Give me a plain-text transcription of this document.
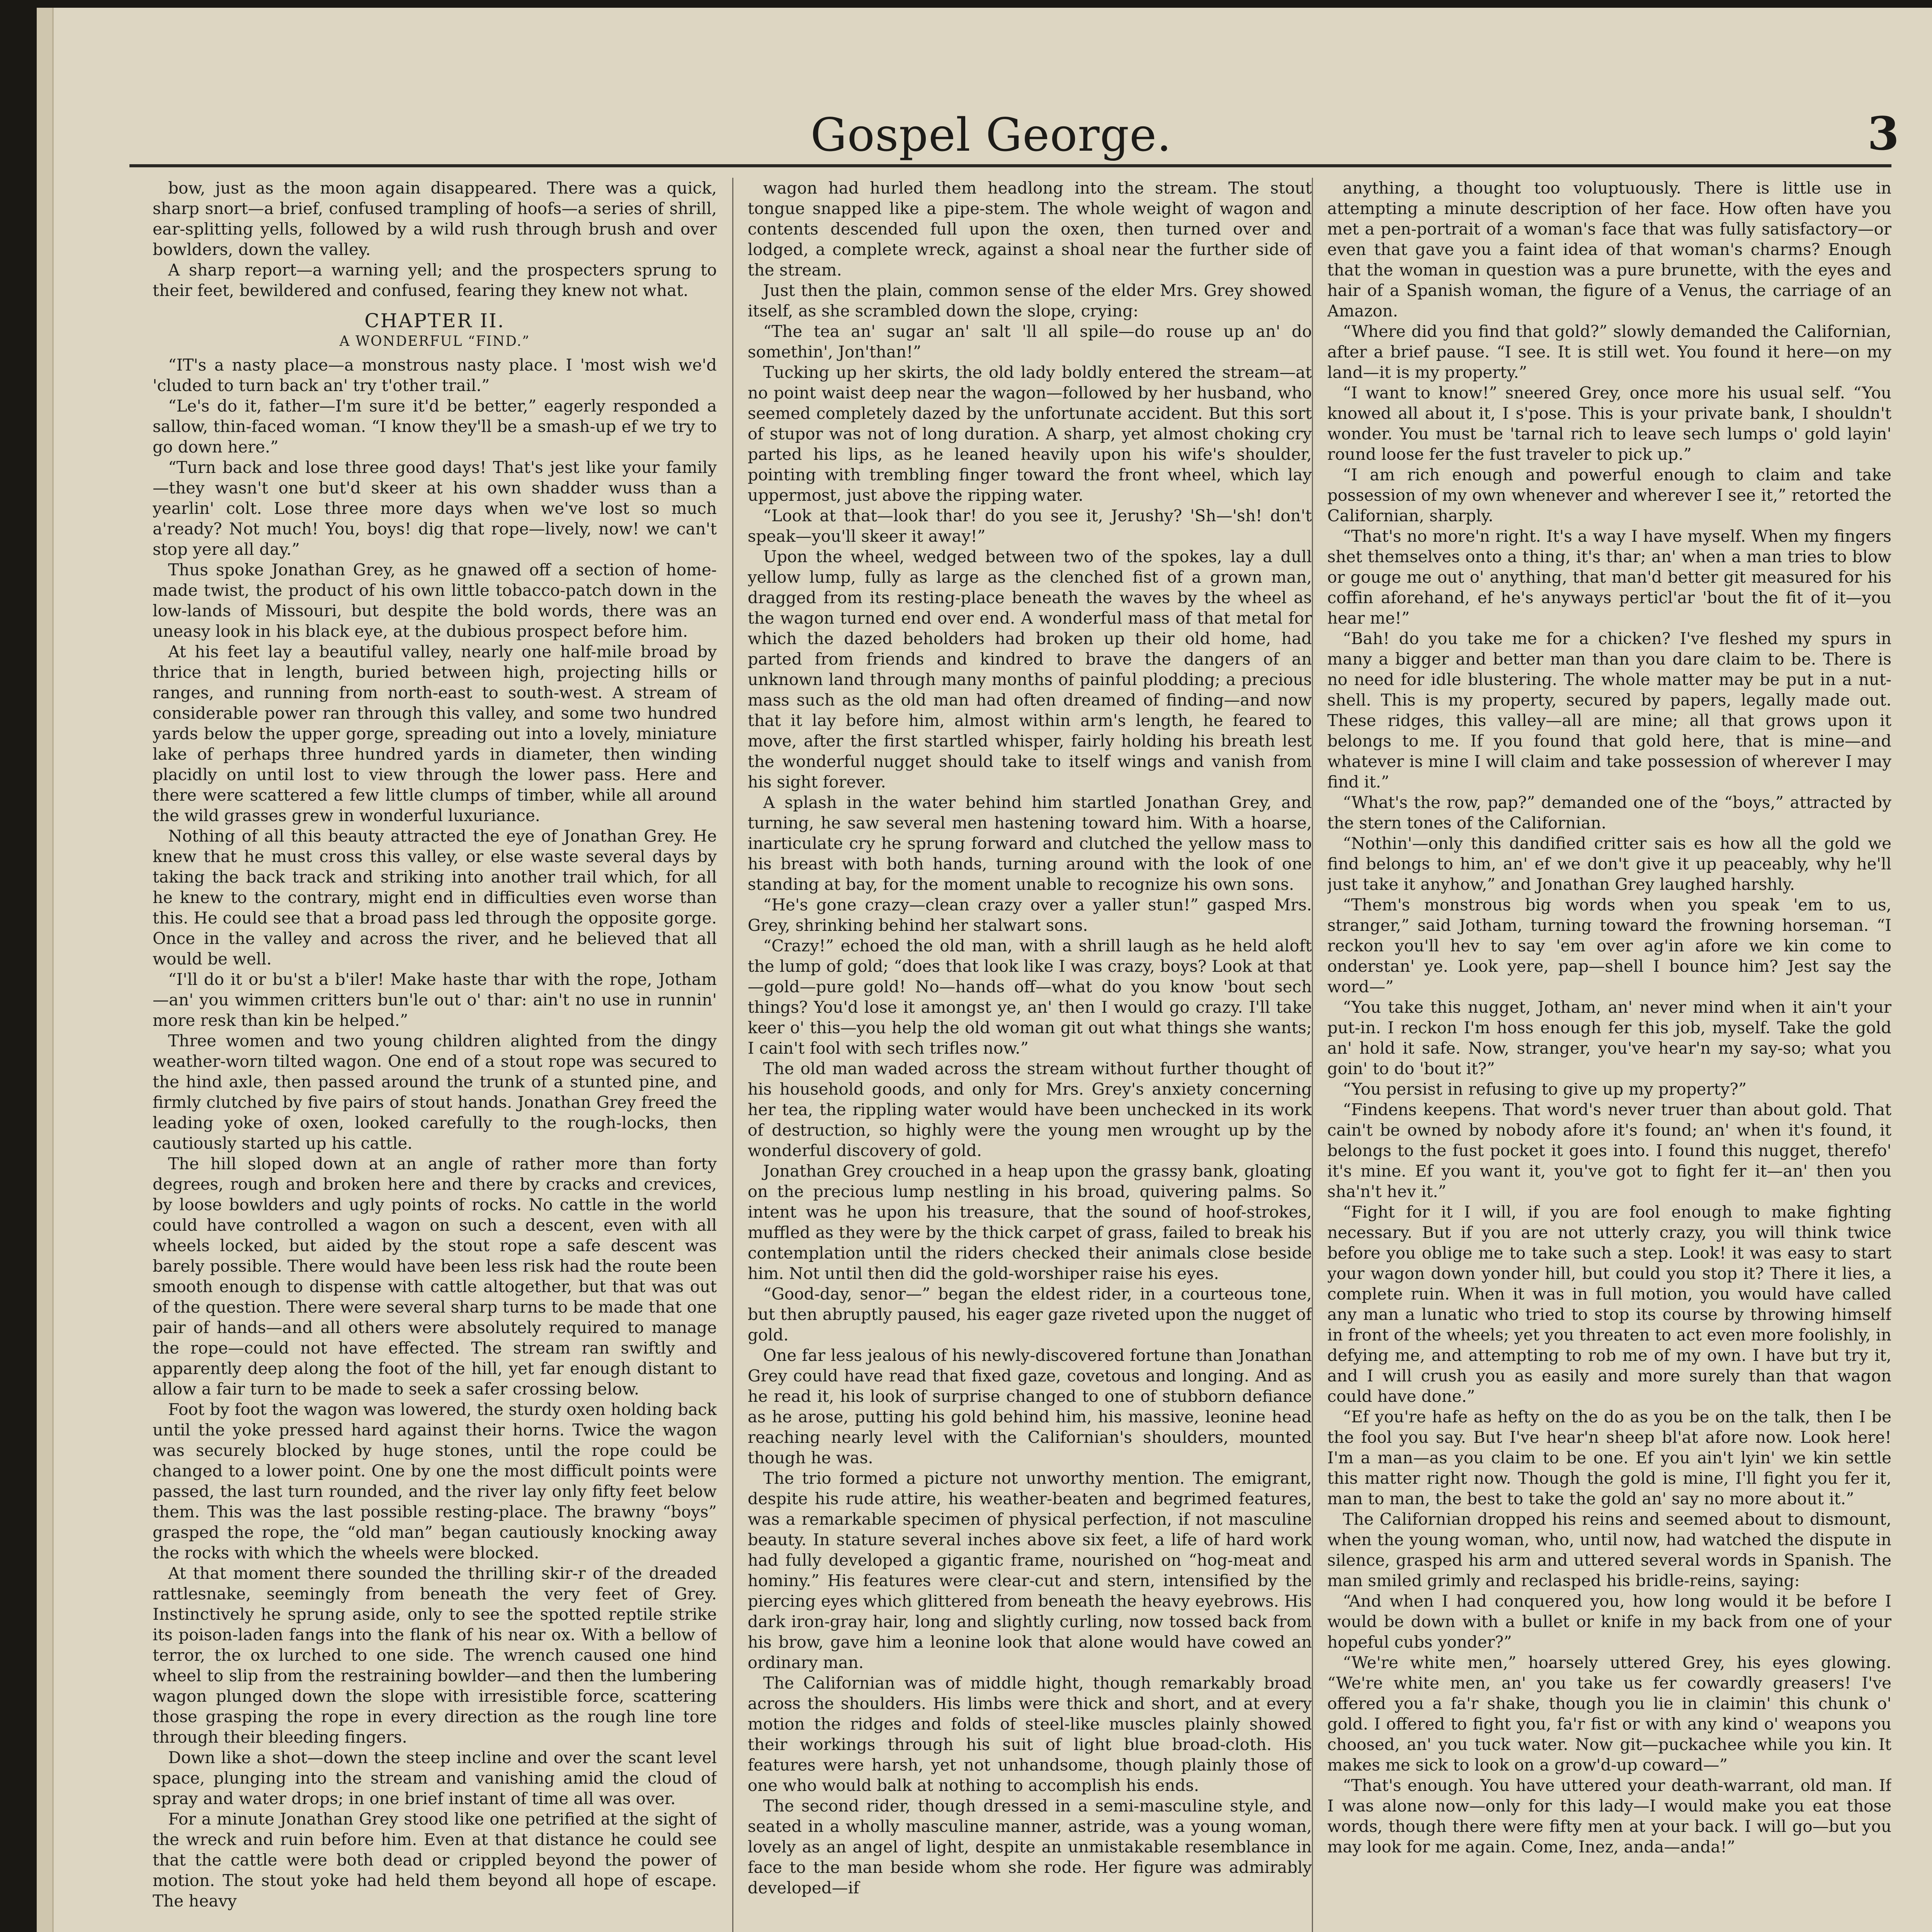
Gospel George.	3

bow, just as the moon again disappeared. There was a quick, sharp snort—a brief, confused trampling of hoofs—a series of shrill, ear-splitting yells, followed by a wild rush through brush and over bowlders, down the valley.

A sharp report—a warning yell; and the prospecters sprung to their feet, bewildered and confused, fearing they knew not what.

CHAPTER II.
A WONDERFUL “FIND.”

“IT's a nasty place—a monstrous nasty place. I 'most wish we'd 'cluded to turn back an' try t'other trail.”

“Le's do it, father—I'm sure it'd be better,” eagerly responded a sallow, thin-faced woman. “I know they'll be a smash-up ef we try to go down here.”

“Turn back and lose three good days! That's jest like your family—they wasn't one but'd skeer at his own shadder wuss than a yearlin' colt. Lose three more days when we've lost so much a'ready? Not much! You, boys! dig that rope—lively, now! we can't stop yere all day.”

Thus spoke Jonathan Grey, as he gnawed off a section of home-made twist, the product of his own little tobacco-patch down in the low-lands of Missouri, but despite the bold words, there was an uneasy look in his black eye, at the dubious prospect before him.

At his feet lay a beautiful valley, nearly one half-mile broad by thrice that in length, buried between high, projecting hills or ranges, and running from north-east to south-west. A stream of considerable power ran through this valley, and some two hundred yards below the upper gorge, spreading out into a lovely, miniature lake of perhaps three hundred yards in diameter, then winding placidly on until lost to view through the lower pass. Here and there were scattered a few little clumps of timber, while all around the wild grasses grew in wonderful luxuriance.

Nothing of all this beauty attracted the eye of Jonathan Grey. He knew that he must cross this valley, or else waste several days by taking the back track and striking into another trail which, for all he knew to the contrary, might end in difficulties even worse than this. He could see that a broad pass led through the opposite gorge. Once in the valley and across the river, and he believed that all would be well.

“I'll do it or bu'st a b'iler! Make haste thar with the rope, Jotham—an' you wimmen critters bun'le out o' thar: ain't no use in runnin' more resk than kin be helped.”

Three women and two young children alighted from the dingy weather-worn tilted wagon. One end of a stout rope was secured to the hind axle, then passed around the trunk of a stunted pine, and firmly clutched by five pairs of stout hands. Jonathan Grey freed the leading yoke of oxen, looked carefully to the rough-locks, then cautiously started up his cattle.

The hill sloped down at an angle of rather more than forty degrees, rough and broken here and there by cracks and crevices, by loose bowlders and ugly points of rocks. No cattle in the world could have controlled a wagon on such a descent, even with all wheels locked, but aided by the stout rope a safe descent was barely possible. There would have been less risk had the route been smooth enough to dispense with cattle altogether, but that was out of the question. There were several sharp turns to be made that one pair of hands—and all others were absolutely required to manage the rope—could not have effected. The stream ran swiftly and apparently deep along the foot of the hill, yet far enough distant to allow a fair turn to be made to seek a safer crossing below.

Foot by foot the wagon was lowered, the sturdy oxen holding back until the yoke pressed hard against their horns. Twice the wagon was securely blocked by huge stones, until the rope could be changed to a lower point. One by one the most difficult points were passed, the last turn rounded, and the river lay only fifty feet below them. This was the last possible resting-place. The brawny “boys” grasped the rope, the “old man” began cautiously knocking away the rocks with which the wheels were blocked.

At that moment there sounded the thrilling skir-r of the dreaded rattlesnake, seemingly from beneath the very feet of Grey. Instinctively he sprung aside, only to see the spotted reptile strike its poison-laden fangs into the flank of his near ox. With a bellow of terror, the ox lurched to one side. The wrench caused one hind wheel to slip from the restraining bowlder—and then the lumbering wagon plunged down the slope with irresistible force, scattering those grasping the rope in every direction as the rough line tore through their bleeding fingers.

Down like a shot—down the steep incline and over the scant level space, plunging into the stream and vanishing amid the cloud of spray and water drops; in one brief instant of time all was over.

For a minute Jonathan Grey stood like one petrified at the sight of the wreck and ruin before him. Even at that distance he could see that the cattle were both dead or crippled beyond the power of motion. The stout yoke had held them beyond all hope of escape. The heavy

wagon had hurled them headlong into the stream. The stout tongue snapped like a pipe-stem. The whole weight of wagon and contents descended full upon the oxen, then turned over and lodged, a complete wreck, against a shoal near the further side of the stream.

Just then the plain, common sense of the elder Mrs. Grey showed itself, as she scrambled down the slope, crying:

“The tea an' sugar an' salt 'll all spile—do rouse up an' do somethin', Jon'than!”

Tucking up her skirts, the old lady boldly entered the stream—at no point waist deep near the wagon—followed by her husband, who seemed completely dazed by the unfortunate accident. But this sort of stupor was not of long duration. A sharp, yet almost choking cry parted his lips, as he leaned heavily upon his wife's shoulder, pointing with trembling finger toward the front wheel, which lay uppermost, just above the ripping water.

“Look at that—look thar! do you see it, Jerushy? 'Sh—'sh! don't speak—you'll skeer it away!”

Upon the wheel, wedged between two of the spokes, lay a dull yellow lump, fully as large as the clenched fist of a grown man, dragged from its resting-place beneath the waves by the wheel as the wagon turned end over end. A wonderful mass of that metal for which the dazed beholders had broken up their old home, had parted from friends and kindred to brave the dangers of an unknown land through many months of painful plodding; a precious mass such as the old man had often dreamed of finding—and now that it lay before him, almost within arm's length, he feared to move, after the first startled whisper, fairly holding his breath lest the wonderful nugget should take to itself wings and vanish from his sight forever.

A splash in the water behind him startled Jonathan Grey, and turning, he saw several men hastening toward him. With a hoarse, inarticulate cry he sprung forward and clutched the yellow mass to his breast with both hands, turning around with the look of one standing at bay, for the moment unable to recognize his own sons.

“He's gone crazy—clean crazy over a yaller stun!” gasped Mrs. Grey, shrinking behind her stalwart sons.

“Crazy!” echoed the old man, with a shrill laugh as he held aloft the lump of gold; “does that look like I was crazy, boys? Look at that—gold—pure gold! No—hands off—what do you know 'bout sech things? You'd lose it amongst ye, an' then I would go crazy. I'll take keer o' this—you help the old woman git out what things she wants; I cain't fool with sech trifles now.”

The old man waded across the stream without further thought of his household goods, and only for Mrs. Grey's anxiety concerning her tea, the rippling water would have been unchecked in its work of destruction, so highly were the young men wrought up by the wonderful discovery of gold.

Jonathan Grey crouched in a heap upon the grassy bank, gloating on the precious lump nestling in his broad, quivering palms. So intent was he upon his treasure, that the sound of hoof-strokes, muffled as they were by the thick carpet of grass, failed to break his contemplation until the riders checked their animals close beside him. Not until then did the gold-worshiper raise his eyes.

“Good-day, senor—” began the eldest rider, in a courteous tone, but then abruptly paused, his eager gaze riveted upon the nugget of gold.

One far less jealous of his newly-discovered fortune than Jonathan Grey could have read that fixed gaze, covetous and longing. And as he read it, his look of surprise changed to one of stubborn defiance as he arose, putting his gold behind him, his massive, leonine head reaching nearly level with the Californian's shoulders, mounted though he was.

The trio formed a picture not unworthy mention. The emigrant, despite his rude attire, his weather-beaten and begrimed features, was a remarkable specimen of physical perfection, if not masculine beauty. In stature several inches above six feet, a life of hard work had fully developed a gigantic frame, nourished on “hog-meat and hominy.” His features were clear-cut and stern, intensified by the piercing eyes which glittered from beneath the heavy eyebrows. His dark iron-gray hair, long and slightly curling, now tossed back from his brow, gave him a leonine look that alone would have cowed an ordinary man.

The Californian was of middle hight, though remarkably broad across the shoulders. His limbs were thick and short, and at every motion the ridges and folds of steel-like muscles plainly showed their workings through his suit of light blue broad-cloth. His features were harsh, yet not unhandsome, though plainly those of one who would balk at nothing to accomplish his ends.

The second rider, though dressed in a semi-masculine style, and seated in a wholly masculine manner, astride, was a young woman, lovely as an angel of light, despite an unmistakable resemblance in face to the man beside whom she rode. Her figure was admirably developed—if

anything, a thought too voluptuously. There is little use in attempting a minute description of her face. How often have you met a pen-portrait of a woman's face that was fully satisfactory—or even that gave you a faint idea of that woman's charms? Enough that the woman in question was a pure brunette, with the eyes and hair of a Spanish woman, the figure of a Venus, the carriage of an Amazon.

“Where did you find that gold?” slowly demanded the Californian, after a brief pause. “I see. It is still wet. You found it here—on my land—it is my property.”

“I want to know!” sneered Grey, once more his usual self. “You knowed all about it, I s'pose. This is your private bank, I shouldn't wonder. You must be 'tarnal rich to leave sech lumps o' gold layin' round loose fer the fust traveler to pick up.”

“I am rich enough and powerful enough to claim and take possession of my own whenever and wherever I see it,” retorted the Californian, sharply.

“That's no more'n right. It's a way I have myself. When my fingers shet themselves onto a thing, it's thar; an' when a man tries to blow or gouge me out o' anything, that man'd better git measured for his coffin aforehand, ef he's anyways perticl'ar 'bout the fit of it—you hear me!”

“Bah! do you take me for a chicken? I've fleshed my spurs in many a bigger and better man than you dare claim to be. There is no need for idle blustering. The whole matter may be put in a nut-shell. This is my property, secured by papers, legally made out. These ridges, this valley—all are mine; all that grows upon it belongs to me. If you found that gold here, that is mine—and whatever is mine I will claim and take possession of wherever I may find it.”

“What's the row, pap?” demanded one of the “boys,” attracted by the stern tones of the Californian.

“Nothin'—only this dandified critter sais es how all the gold we find belongs to him, an' ef we don't give it up peaceably, why he'll just take it anyhow,” and Jonathan Grey laughed harshly.

“Them's monstrous big words when you speak 'em to us, stranger,” said Jotham, turning toward the frowning horseman. “I reckon you'll hev to say 'em over ag'in afore we kin come to onderstan' ye. Look yere, pap—shell I bounce him? Jest say the word—”

“You take this nugget, Jotham, an' never mind when it ain't your put-in. I reckon I'm hoss enough fer this job, myself. Take the gold an' hold it safe. Now, stranger, you've hear'n my say-so; what you goin' to do 'bout it?”

“You persist in refusing to give up my property?”

“Findens keepens. That word's never truer than about gold. That cain't be owned by nobody afore it's found; an' when it's found, it belongs to the fust pocket it goes into. I found this nugget, therefo' it's mine. Ef you want it, you've got to fight fer it—an' then you sha'n't hev it.”

“Fight for it I will, if you are fool enough to make fighting necessary. But if you are not utterly crazy, you will think twice before you oblige me to take such a step. Look! it was easy to start your wagon down yonder hill, but could you stop it? There it lies, a complete ruin. When it was in full motion, you would have called any man a lunatic who tried to stop its course by throwing himself in front of the wheels; yet you threaten to act even more foolishly, in defying me, and attempting to rob me of my own. I have but try it, and I will crush you as easily and more surely than that wagon could have done.”

“Ef you're hafe as hefty on the do as you be on the talk, then I be the fool you say. But I've hear'n sheep bl'at afore now. Look here! I'm a man—as you claim to be one. Ef you ain't lyin' we kin settle this matter right now. Though the gold is mine, I'll fight you fer it, man to man, the best to take the gold an' say no more about it.”

The Californian dropped his reins and seemed about to dismount, when the young woman, who, until now, had watched the dispute in silence, grasped his arm and uttered several words in Spanish. The man smiled grimly and reclasped his bridle-reins, saying:

“And when I had conquered you, how long would it be before I would be down with a bullet or knife in my back from one of your hopeful cubs yonder?”

“We're white men,” hoarsely uttered Grey, his eyes glowing. “We're white men, an' you take us fer cowardly greasers! I've offered you a fa'r shake, though you lie in claimin' this chunk o' gold. I offered to fight you, fa'r fist or with any kind o' weapons you choosed, an' you tuck water. Now git—puckachee while you kin. It makes me sick to look on a grow'd-up coward—”

“That's enough. You have uttered your death-warrant, old man. If I was alone now—only for this lady—I would make you eat those words, though there were fifty men at your back. I will go—but you may look for me again. Come, Inez, anda—anda!”
